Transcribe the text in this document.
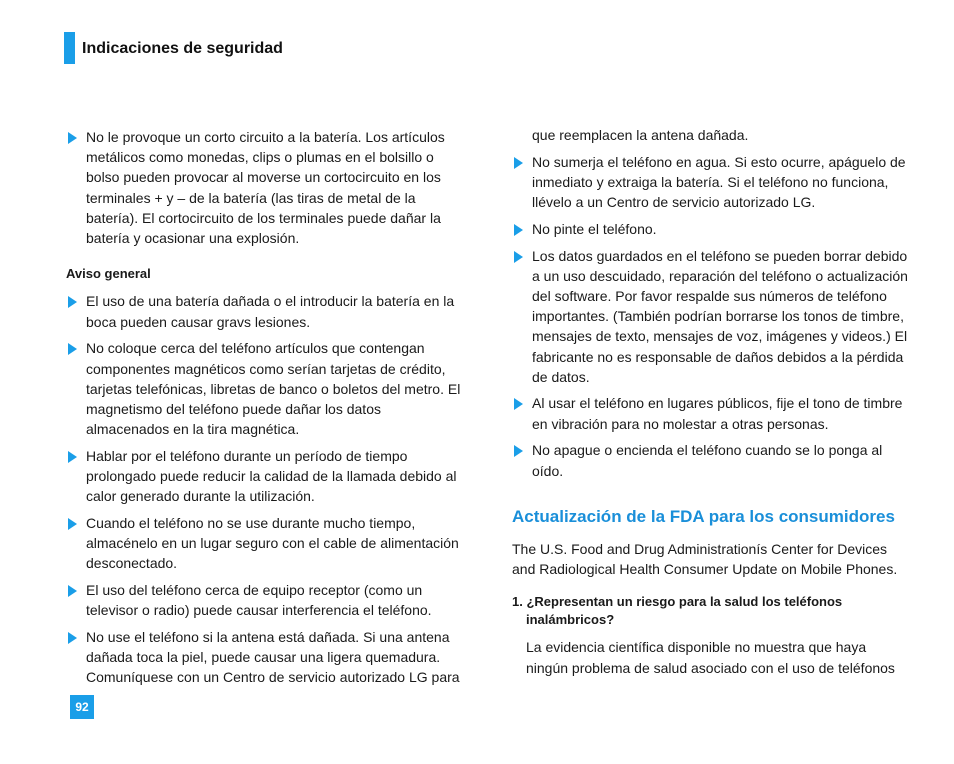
Indicaciones de seguridad
No le provoque un corto circuito a la batería. Los artículos metálicos como monedas, clips o plumas en el bolsillo o bolso pueden provocar al moverse un cortocircuito en los terminales + y – de la batería (las tiras de metal de la batería). El cortocircuito de los terminales puede dañar la batería y ocasionar una explosión.
Aviso general
El uso de una batería dañada o el introducir la batería en la boca pueden causar gravs lesiones.
No coloque cerca del teléfono artículos que contengan componentes magnéticos como serían tarjetas de crédito, tarjetas telefónicas, libretas de banco o boletos del metro. El magnetismo del teléfono puede dañar los datos almacenados en la tira magnética.
Hablar por el teléfono durante un período de tiempo prolongado puede reducir la calidad de la llamada debido al calor generado durante la utilización.
Cuando el teléfono no se use durante mucho tiempo, almacénelo en un lugar seguro con el cable de alimentación desconectado.
El uso del teléfono cerca de equipo receptor (como un televisor o radio) puede causar interferencia el teléfono.
No use el teléfono si la antena está dañada. Si una antena dañada toca la piel, puede causar una ligera quemadura. Comuníquese con un Centro de servicio autorizado LG para
que reemplacen la antena dañada.
No sumerja el teléfono en agua. Si esto ocurre, apáguelo de inmediato y extraiga la batería. Si el teléfono no funciona, llévelo a un Centro de servicio autorizado LG.
No pinte el teléfono.
Los datos guardados en el teléfono se pueden borrar debido a un uso descuidado, reparación del teléfono o actualización del software. Por favor respalde sus números de teléfono importantes. (También podrían borrarse los tonos de timbre, mensajes de texto, mensajes de voz, imágenes y videos.) El fabricante no es responsable de daños debidos a la pérdida de datos.
Al usar el teléfono en lugares públicos, fije el tono de timbre en vibración para no molestar a otras personas.
No apague o encienda el teléfono cuando se lo ponga al oído.
Actualización de la FDA para los consumidores
The U.S. Food and Drug Administrationís Center for Devices and Radiological Health Consumer Update on Mobile Phones.
1. ¿Representan un riesgo para la salud los teléfonos inalámbricos?
La evidencia científica disponible no muestra que haya ningún problema de salud asociado con el uso de teléfonos
92
